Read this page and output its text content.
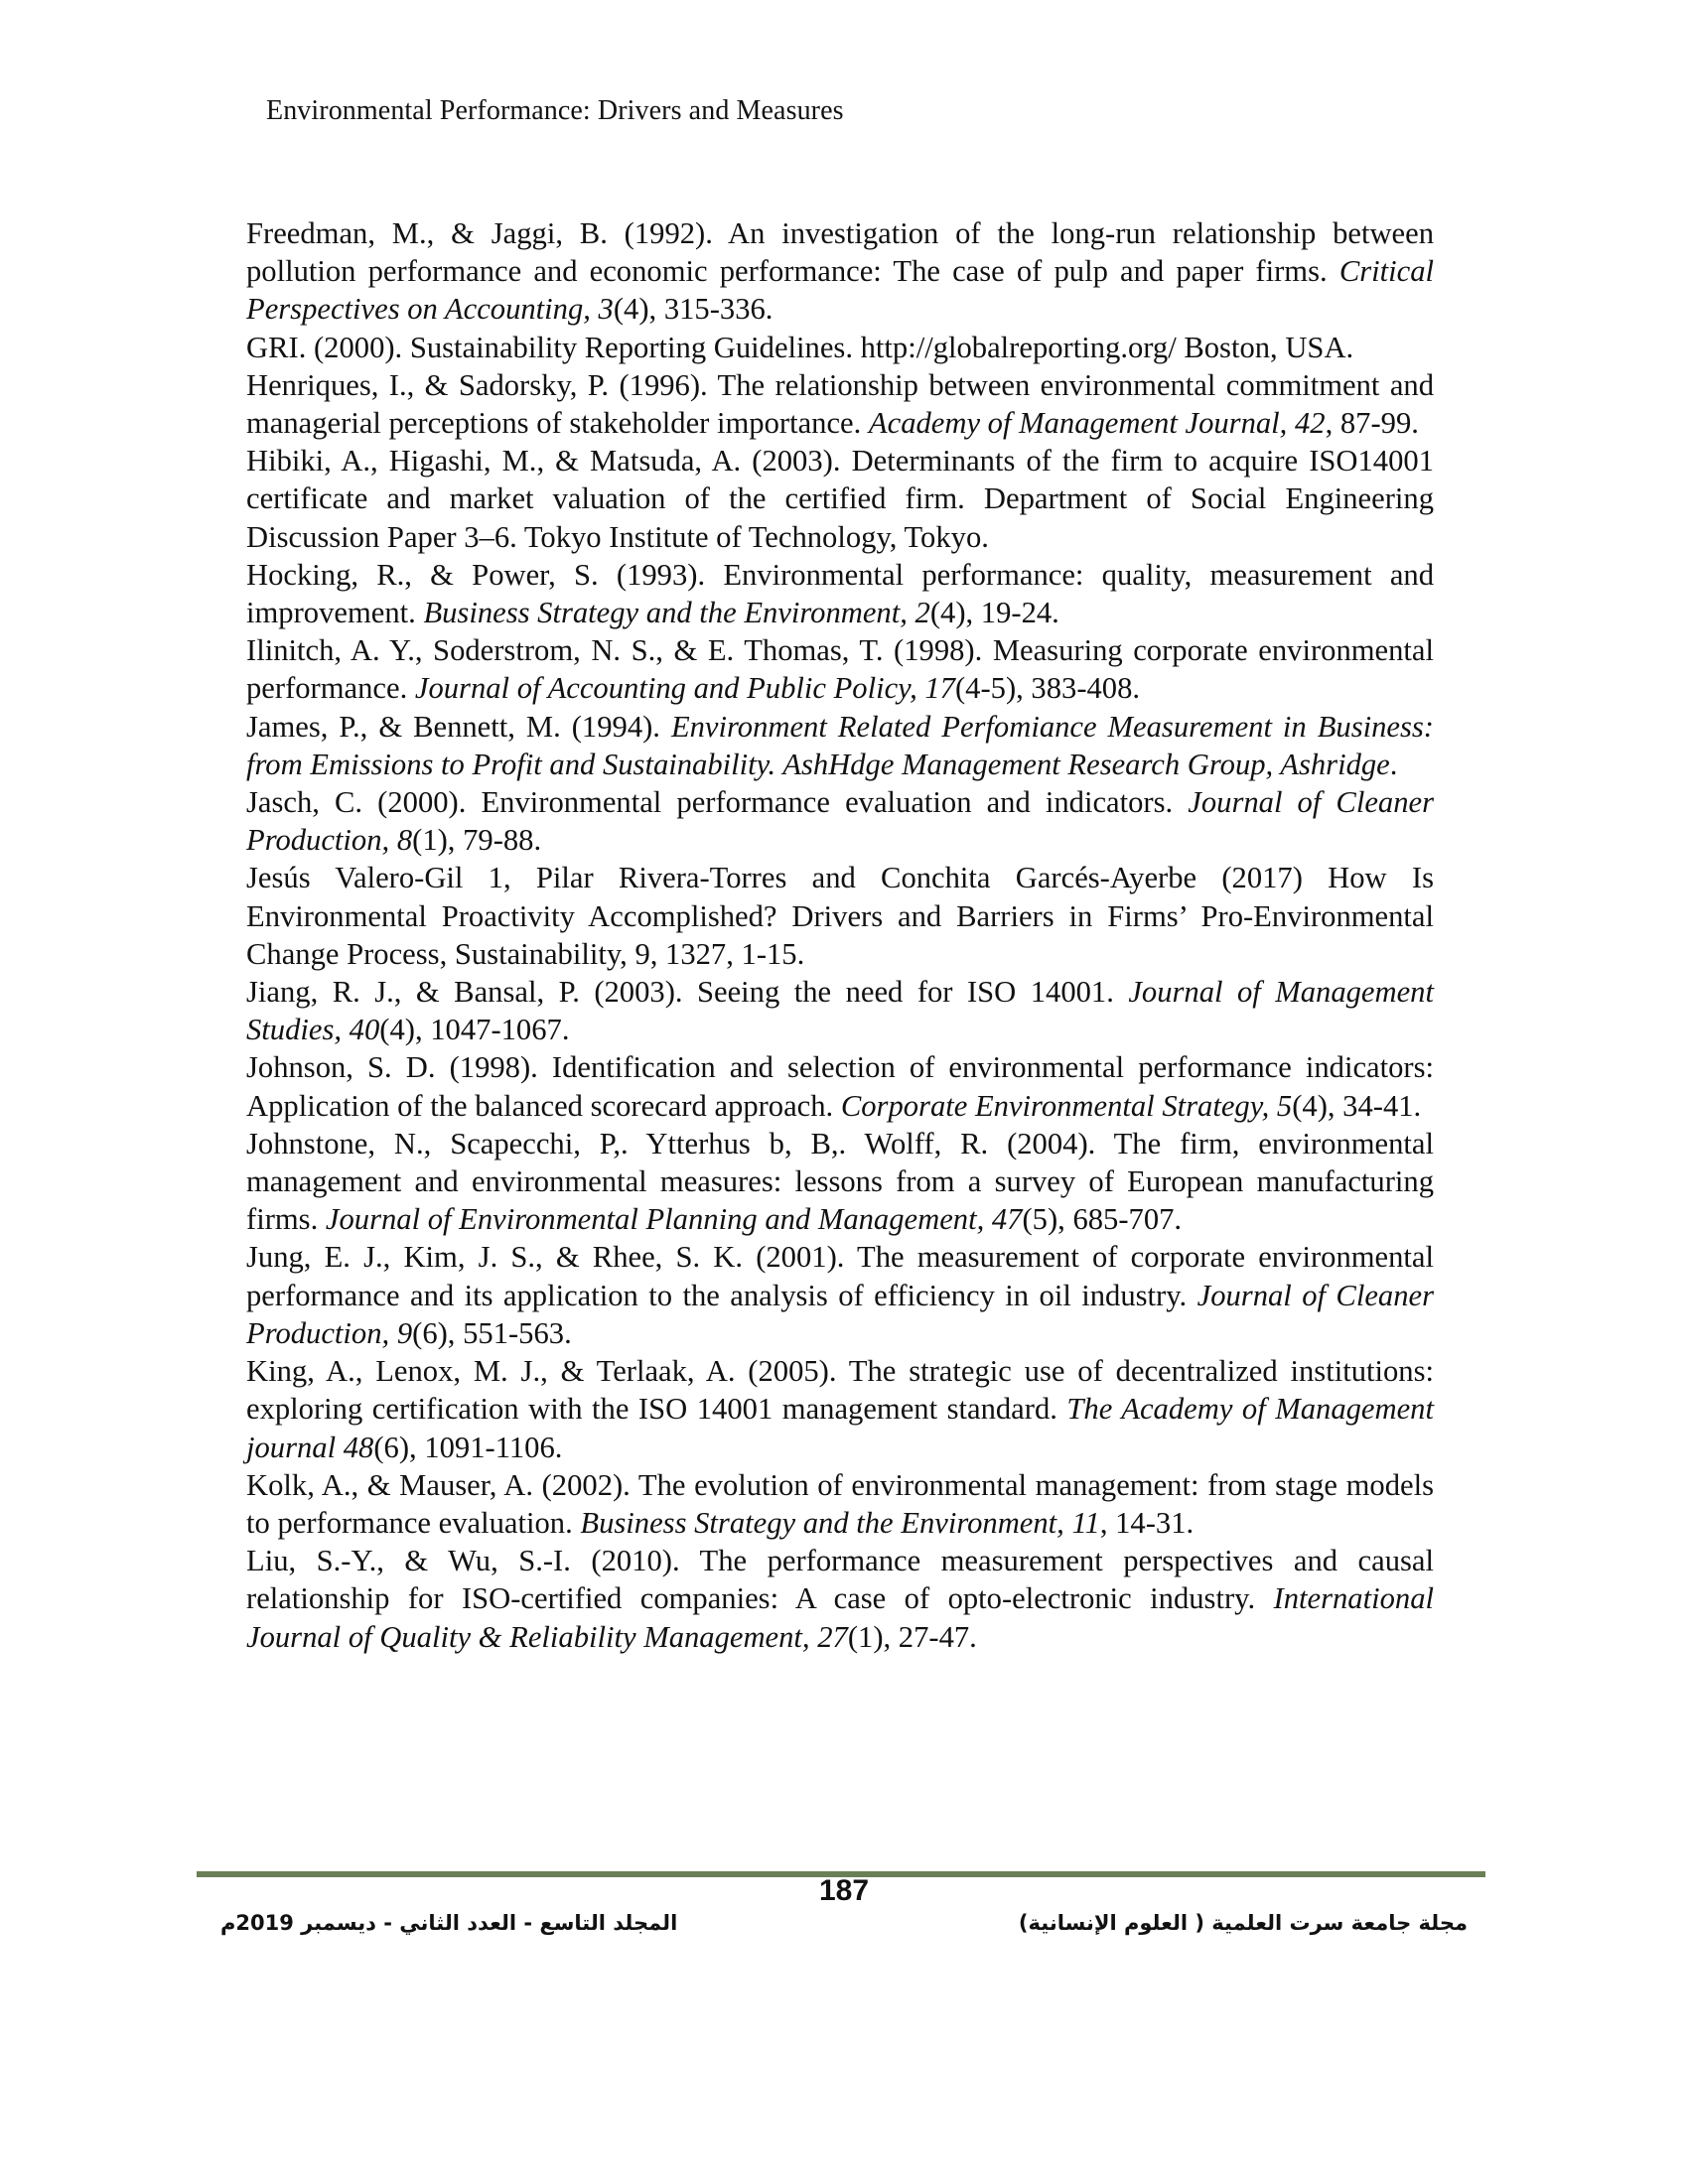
Environmental Performance: Drivers and Measures

Freedman, M., & Jaggi, B. (1992). An investigation of the long-run relationship between pollution performance and economic performance: The case of pulp and paper firms. Critical Perspectives on Accounting, 3(4), 315-336.

GRI. (2000). Sustainability Reporting Guidelines. http://globalreporting.org/ Boston, USA.

Henriques, I., & Sadorsky, P. (1996). The relationship between environmental commitment and managerial perceptions of stakeholder importance. Academy of Management Journal, 42, 87-99.

Hibiki, A., Higashi, M., & Matsuda, A. (2003). Determinants of the firm to acquire ISO14001 certificate and market valuation of the certified firm. Department of Social Engineering Discussion Paper 3–6. Tokyo Institute of Technology, Tokyo.

Hocking, R., & Power, S. (1993). Environmental performance: quality, measurement and improvement. Business Strategy and the Environment, 2(4), 19-24.

Ilinitch, A. Y., Soderstrom, N. S., & E. Thomas, T. (1998). Measuring corporate environmental performance. Journal of Accounting and Public Policy, 17(4-5), 383-408.

James, P., & Bennett, M. (1994). Environment Related Perfomiance Measurement in Business: from Emissions to Profit and Sustainability. AshHdge Management Research Group, Ashridge.

Jasch, C. (2000). Environmental performance evaluation and indicators. Journal of Cleaner Production, 8(1), 79-88.

Jesús Valero-Gil 1, Pilar Rivera-Torres and Conchita Garcés-Ayerbe (2017) How Is Environmental Proactivity Accomplished? Drivers and Barriers in Firms’ Pro-Environmental Change Process, Sustainability, 9, 1327, 1-15.

Jiang, R. J., & Bansal, P. (2003). Seeing the need for ISO 14001. Journal of Management Studies, 40(4), 1047-1067.

Johnson, S. D. (1998). Identification and selection of environmental performance indicators: Application of the balanced scorecard approach. Corporate Environmental Strategy, 5(4), 34-41.

Johnstone, N., Scapecchi, P,. Ytterhus b, B,. Wolff, R. (2004). The firm, environmental management and environmental measures: lessons from a survey of European manufacturing firms. Journal of Environmental Planning and Management, 47(5), 685-707.

Jung, E. J., Kim, J. S., & Rhee, S. K. (2001). The measurement of corporate environmental performance and its application to the analysis of efficiency in oil industry. Journal of Cleaner Production, 9(6), 551-563.

King, A., Lenox, M. J., & Terlaak, A. (2005). The strategic use of decentralized institutions: exploring certification with the ISO 14001 management standard. The Academy of Management journal 48(6), 1091-1106.

Kolk, A., & Mauser, A. (2002). The evolution of environmental management: from stage models to performance evaluation. Business Strategy and the Environment, 11, 14-31.

Liu, S.-Y., & Wu, S.-I. (2010). The performance measurement perspectives and causal relationship for ISO-certified companies: A case of opto-electronic industry. International Journal of Quality & Reliability Management, 27(1), 27-47.

187
المجلد التاسع - العدد الثاني - ديسمبر 2019م	مجلة جامعة سرت العلمية ( العلوم الإنسانية)
